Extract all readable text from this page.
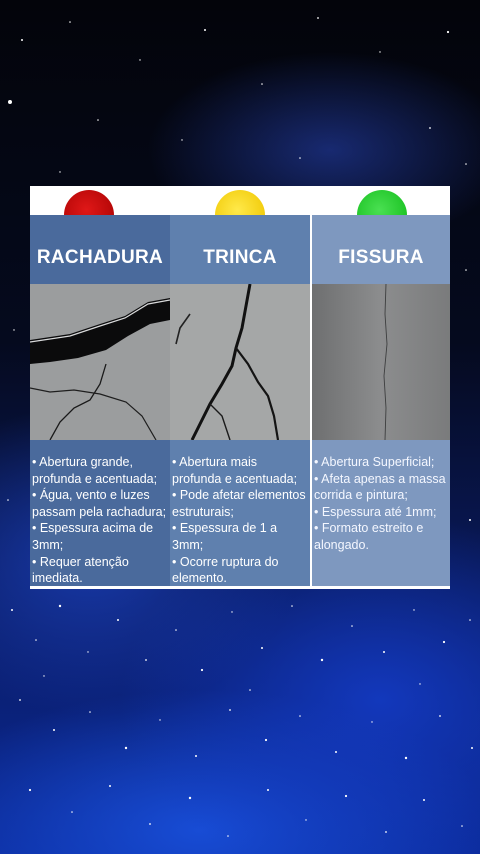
RACHADURA

• Abertura grande, profunda e acentuada;

• Água, vento e luzes passam pela rachadura;

• Espessura acima de 3mm;

• Requer atenção imediata.

TRINCA

• Abertura mais profunda e acentuada;

• Pode afetar elementos estruturais;

• Espessura de 1 a 3mm;

• Ocorre ruptura do elemento.

FISSURA

• Abertura Superficial;

• Afeta apenas a massa corrida e pintura;

• Espessura até 1mm;

• Formato estreito e alongado.
